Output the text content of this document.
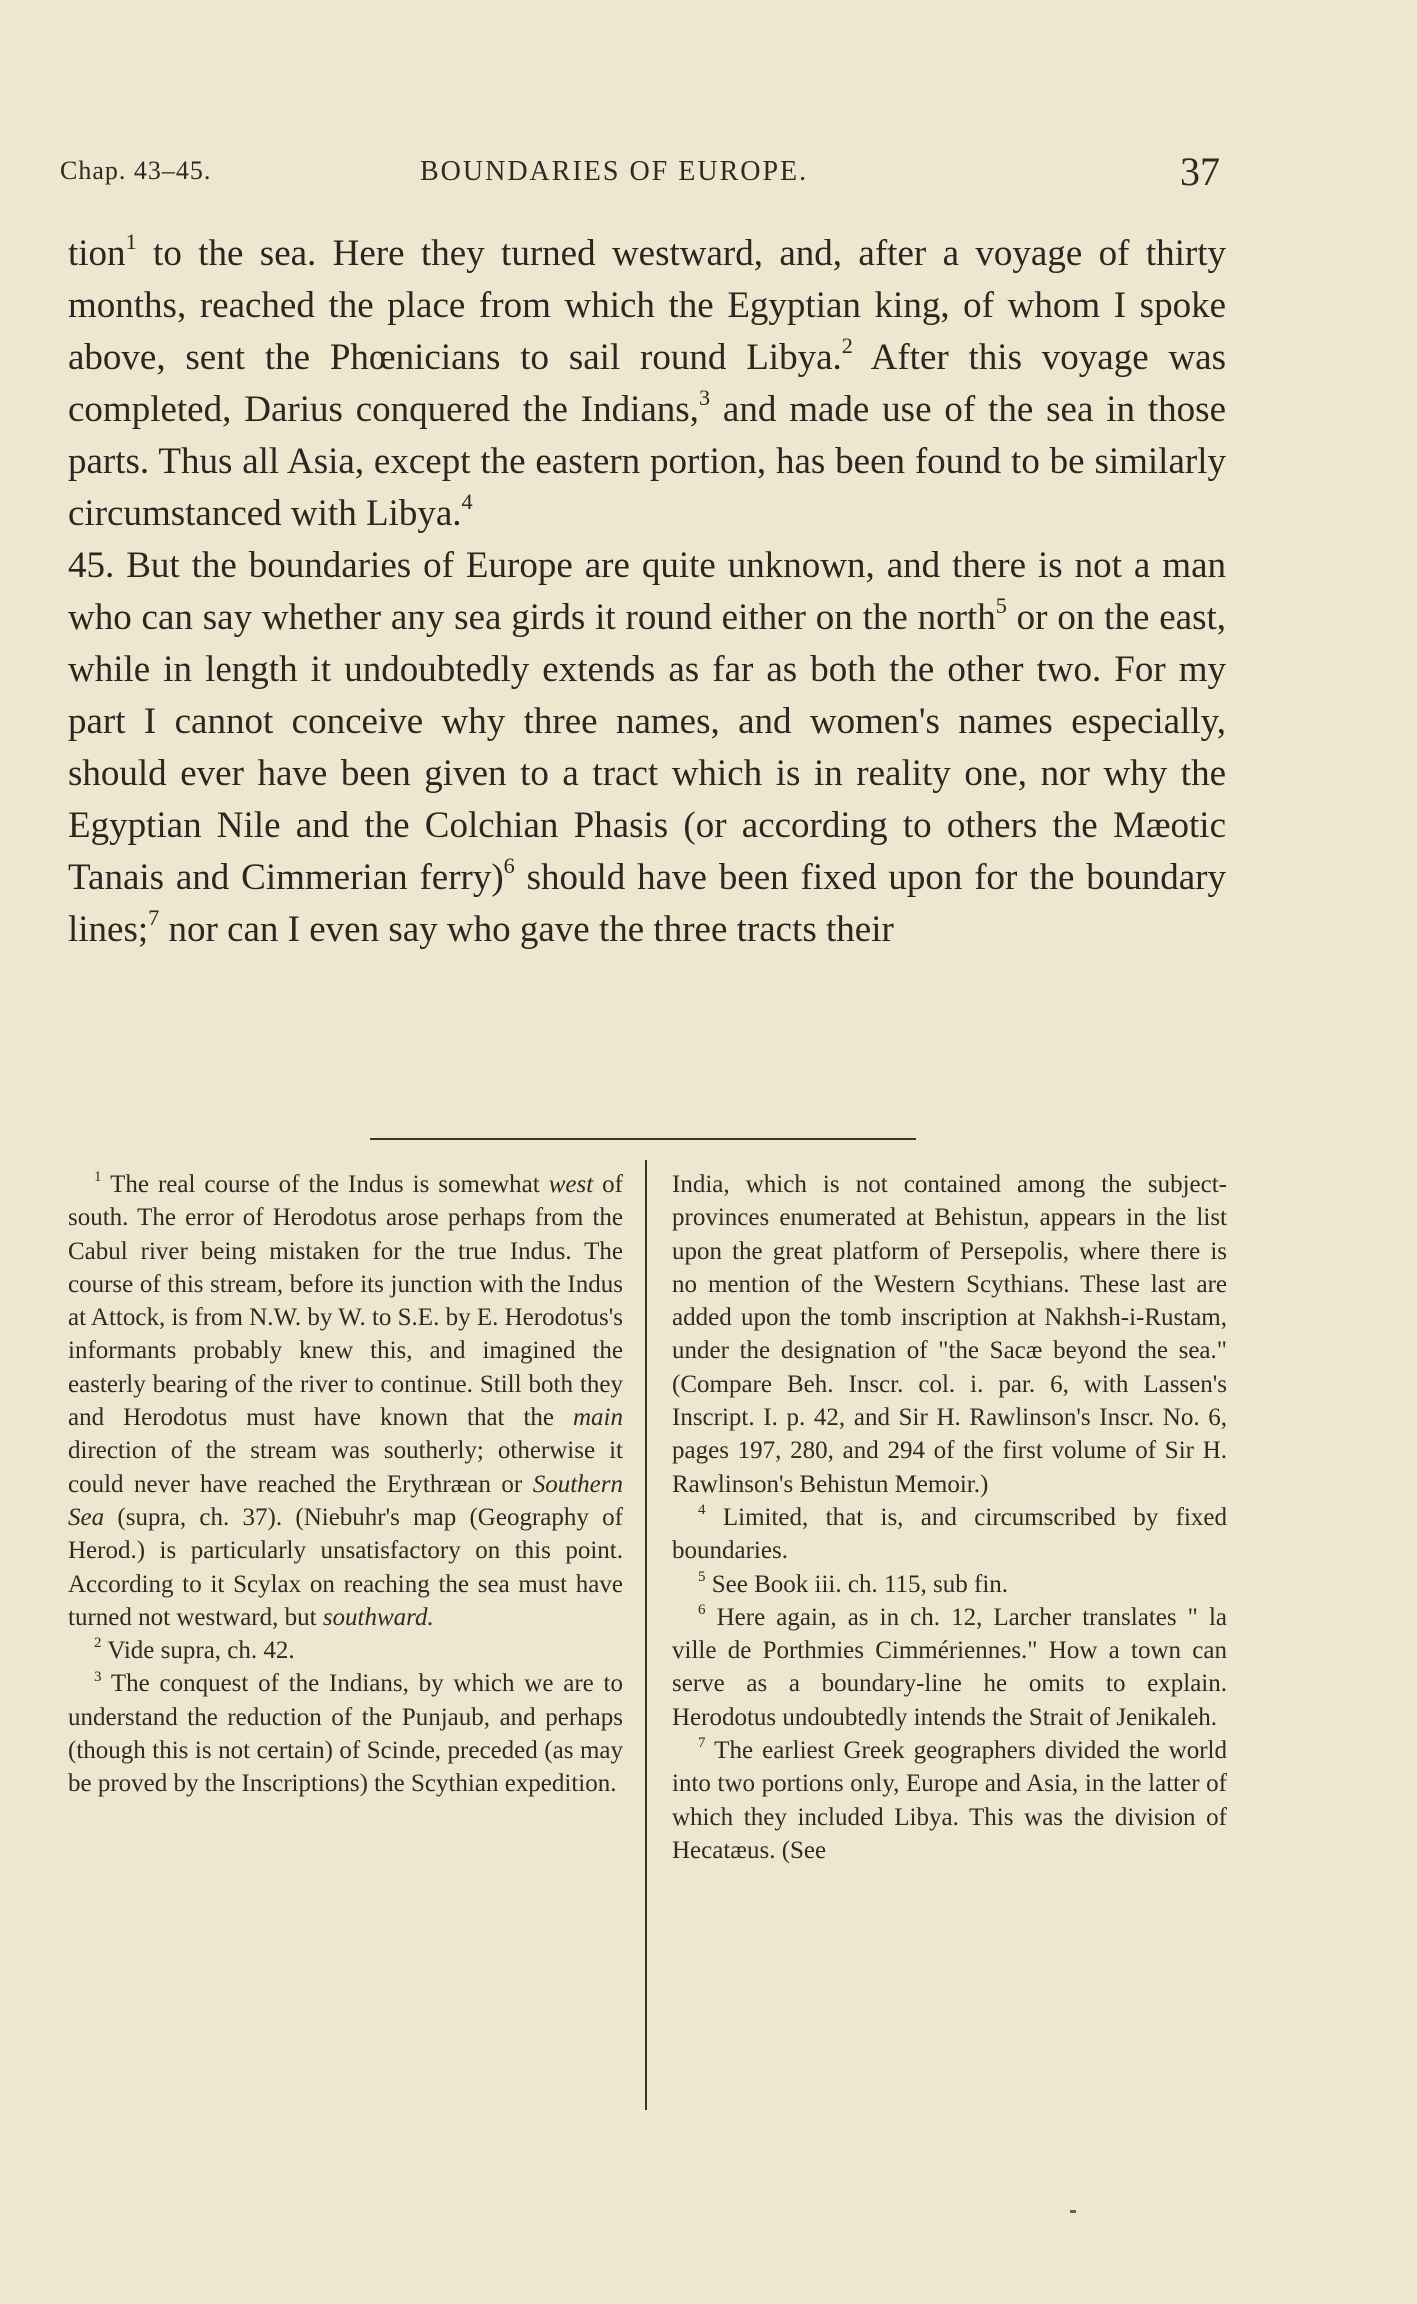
Chap. 43–45.	BOUNDARIES OF EUROPE.	37

tion$^1$ to the sea. Here they turned westward, and, after a voyage of thirty months, reached the place from which the Egyptian king, of whom I spoke above, sent the Phœnicians to sail round Libya.$^2$ After this voyage was completed, Darius conquered the Indians,$^3$ and made use of the sea in those parts. Thus all Asia, except the eastern portion, has been found to be similarly circumstanced with Libya.$^4$

45. But the boundaries of Europe are quite unknown, and there is not a man who can say whether any sea girds it round either on the north$^5$ or on the east, while in length it undoubtedly extends as far as both the other two. For my part I cannot conceive why three names, and women's names especially, should ever have been given to a tract which is in reality one, nor why the Egyptian Nile and the Colchian Phasis (or according to others the Mæotic Tanais and Cimmerian ferry)$^6$ should have been fixed upon for the boundary lines;$^7$ nor can I even say who gave the three tracts their

$^1$ The real course of the Indus is somewhat west of south. The error of Herodotus arose perhaps from the Cabul river being mistaken for the true Indus. The course of this stream, before its junction with the Indus at Attock, is from N.W. by W. to S.E. by E. Herodotus's informants probably knew this, and imagined the easterly bearing of the river to continue. Still both they and Herodotus must have known that the main direction of the stream was southerly; otherwise it could never have reached the Erythræan or Southern Sea (supra, ch. 37). (Niebuhr's map (Geography of Herod.) is particularly unsatisfactory on this point. According to it Scylax on reaching the sea must have turned not westward, but southward.

$^2$ Vide supra, ch. 42.

$^3$ The conquest of the Indians, by which we are to understand the reduction of the Punjaub, and perhaps (though this is not certain) of Scinde, preceded (as may be proved by the Inscriptions) the Scythian expedition.

India, which is not contained among the subject-provinces enumerated at Behistun, appears in the list upon the great platform of Persepolis, where there is no mention of the Western Scythians. These last are added upon the tomb inscription at Nakhsh-i-Rustam, under the designation of "the Sacæ beyond the sea." (Compare Beh. Inscr. col. i. par. 6, with Lassen's Inscript. I. p. 42, and Sir H. Rawlinson's Inscr. No. 6, pages 197, 280, and 294 of the first volume of Sir H. Rawlinson's Behistun Memoir.)

$^4$ Limited, that is, and circumscribed by fixed boundaries.

$^5$ See Book iii. ch. 115, sub fin.

$^6$ Here again, as in ch. 12, Larcher translates " la ville de Porthmies Cimmériennes." How a town can serve as a boundary-line he omits to explain. Herodotus undoubtedly intends the Strait of Jenikaleh.

$^7$ The earliest Greek geographers divided the world into two portions only, Europe and Asia, in the latter of which they included Libya. This was the division of Hecatæus. (See
